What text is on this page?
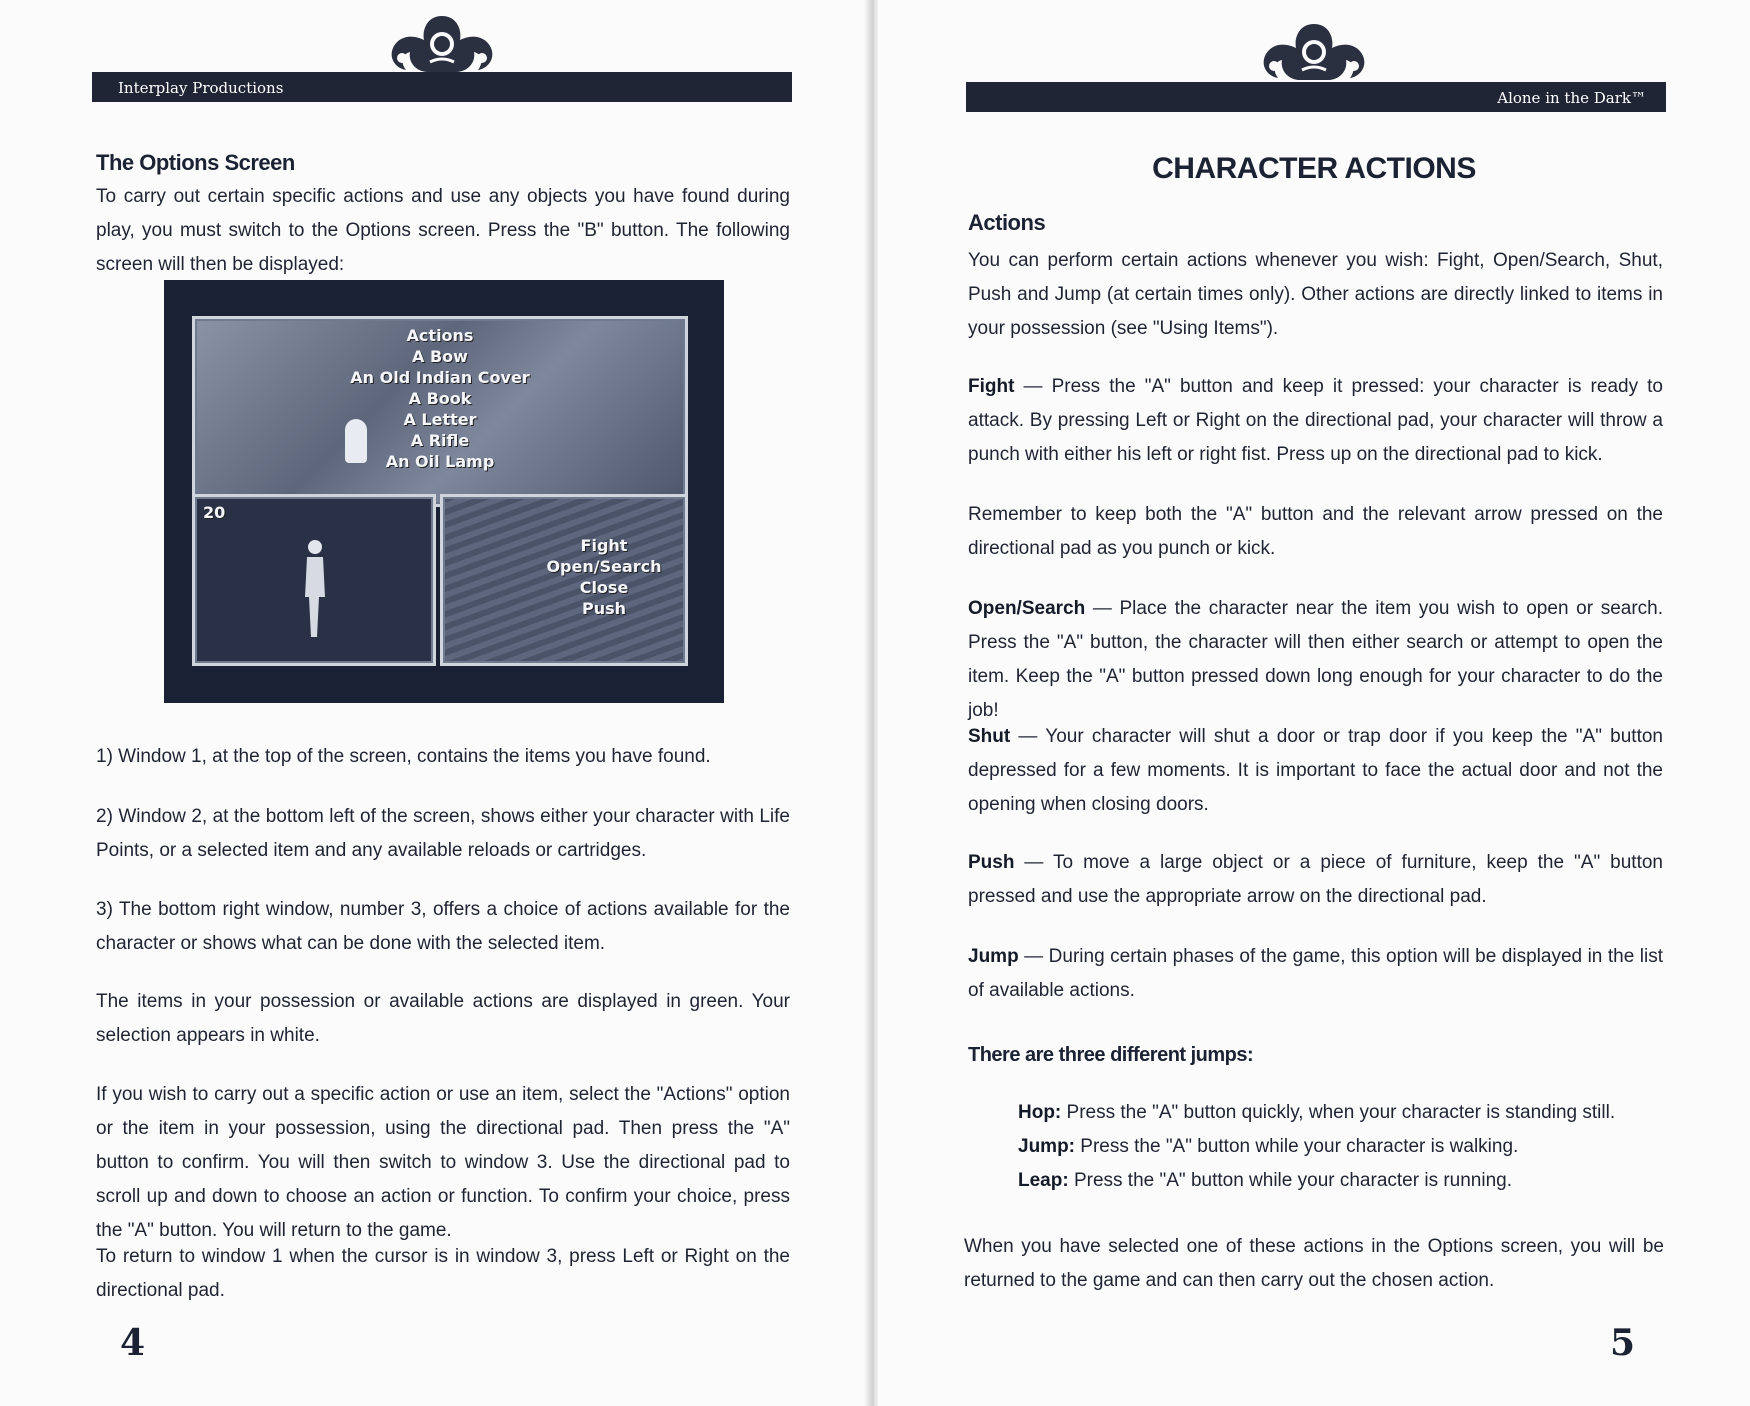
Interplay Productions
The Options Screen

To carry out certain specific actions and use any objects you have found during play, you must switch to the Options screen. Press the "B" button. The following screen will then be displayed:

Actions
A Bow
An Old Indian Cover
A Book
A Letter
A Rifle
An Oil Lamp
20
Fight
Open/Search
Close
Push

1) Window 1, at the top of the screen, contains the items you have found.

2) Window 2, at the bottom left of the screen, shows either your character with Life Points, or a selected item and any available reloads or cartridges.

3) The bottom right window, number 3, offers a choice of actions available for the character or shows what can be done with the selected item.

The items in your possession or available actions are displayed in green. Your selection appears in white.

If you wish to carry out a specific action or use an item, select the "Actions" option or the item in your possession, using the directional pad. Then press the "A" button to confirm. You will then switch to window 3. Use the directional pad to scroll up and down to choose an action or function. To confirm your choice, press the "A" button. You will return to the game.

To return to window 1 when the cursor is in window 3, press Left or Right on the directional pad.

4
Alone in the Dark™
CHARACTER ACTIONS
Actions

You can perform certain actions whenever you wish: Fight, Open/Search, Shut, Push and Jump (at certain times only). Other actions are directly linked to items in your possession (see "Using Items").

Fight — Press the "A" button and keep it pressed: your character is ready to attack. By pressing Left or Right on the directional pad, your character will throw a punch with either his left or right fist. Press up on the directional pad to kick.

Remember to keep both the "A" button and the relevant arrow pressed on the directional pad as you punch or kick.

Open/Search — Place the character near the item you wish to open or search. Press the "A" button, the character will then either search or attempt to open the item. Keep the "A" button pressed down long enough for your character to do the job!

Shut — Your character will shut a door or trap door if you keep the "A" button depressed for a few moments. It is important to face the actual door and not the opening when closing doors.

Push — To move a large object or a piece of furniture, keep the "A" button pressed and use the appropriate arrow on the directional pad.

Jump — During certain phases of the game, this option will be displayed in the list of available actions.

There are three different jumps:

Hop: Press the "A" button quickly, when your character is standing still.

Jump: Press the "A" button while your character is walking.

Leap: Press the "A" button while your character is running.

When you have selected one of these actions in the Options screen, you will be returned to the game and can then carry out the chosen action.

5
